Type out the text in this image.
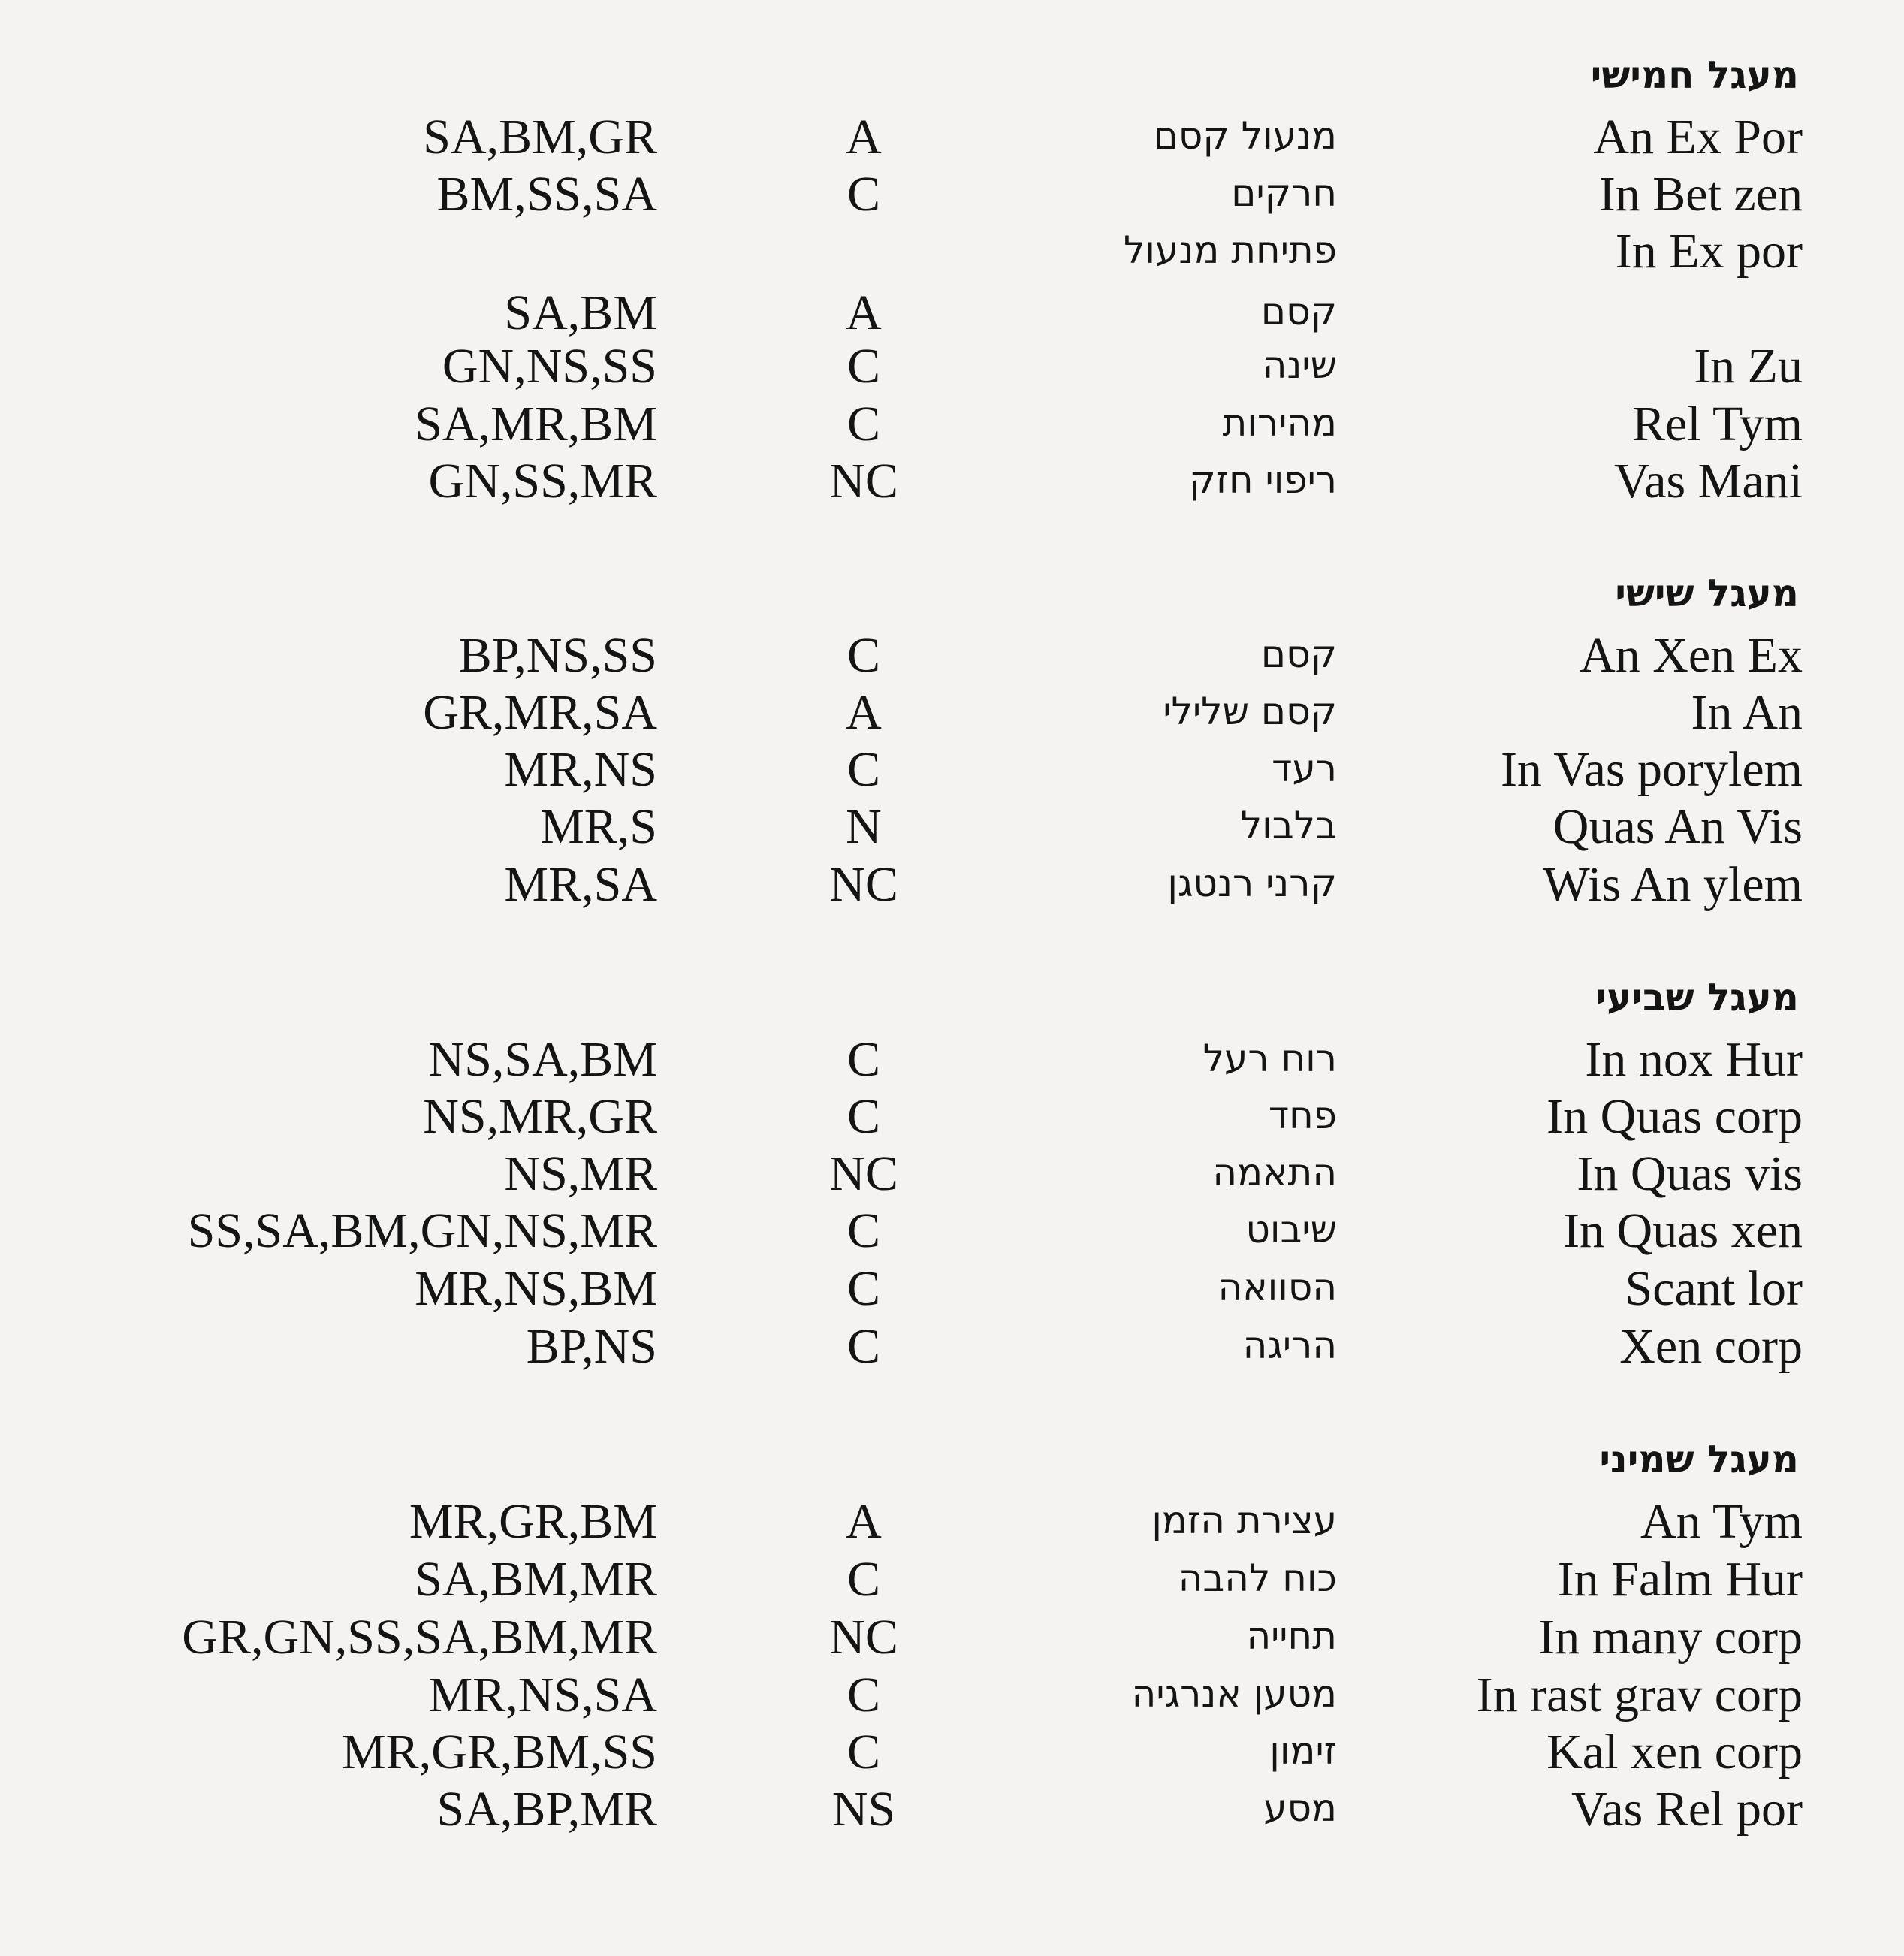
מעגל חמישי
An Ex Por
מנעול קסם
A
SA,BM,GR
In Bet zen
חרקים
C
BM,SS,SA
In Ex por
פתיחת מנעול
קסם
A
SA,BM
In Zu
שינה
C
GN,NS,SS
Rel Tym
מהירות
C
SA,MR,BM
Vas Mani
ריפוי חזק
NC
GN,SS,MR
מעגל שישי
An Xen Ex
קסם
C
BP,NS,SS
In An
קסם שלילי
A
GR,MR,SA
In Vas porylem
רעד
C
MR,NS
Quas An Vis
בלבול
N
MR,S
Wis An ylem
קרני רנטגן
NC
MR,SA
מעגל שביעי
In nox Hur
רוח רעל
C
NS,SA,BM
In Quas corp
פחד
C
NS,MR,GR
In Quas vis
התאמה
NC
NS,MR
In Quas xen
שיבוט
C
SS,SA,BM,GN,NS,MR
Scant lor
הסוואה
C
MR,NS,BM
Xen corp
הריגה
C
BP,NS
מעגל שמיני
An Tym
עצירת הזמן
A
MR,GR,BM
In Falm Hur
כוח להבה
C
SA,BM,MR
In many corp
תחייה
NC
GR,GN,SS,SA,BM,MR
In rast grav corp
מטען אנרגיה
C
MR,NS,SA
Kal xen corp
זימון
C
MR,GR,BM,SS
Vas Rel por
מסע
NS
SA,BP,MR
